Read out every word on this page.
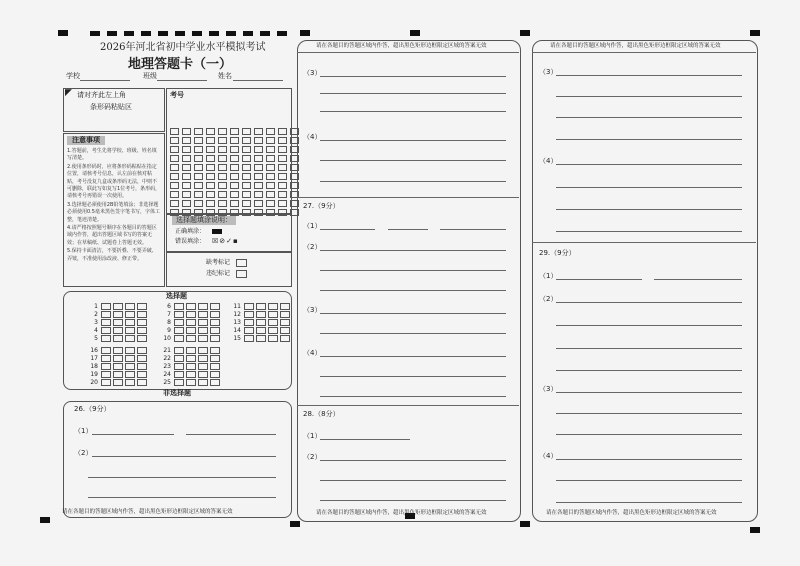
2026年河北省初中学业水平模拟考试
地理答题卡（一）
学校	班级	姓名
◤ 请对齐此左上角
条形码粘贴区
考号
注意事项
1.答题前，考生先将学校、班级、姓名填写清楚。
2.使用条形码时，应将条形码粘贴在指定位置，请核考号信息，认左前在核对粘贴，考号没复九盒或条形码无法，中则不可删除，联此写如复写1位考号，条形码，请核考号再错误一次使用。
3.选择题必须使用2B铅笔填涂；非选择题必须使用0.5毫米黑色签字笔书写，字体工整，笔迹清楚。
4.请严格按照题号顺序在各题目的答题区域内作答，超出答题区域书写的答案无效；在草稿纸、试题卷上答题无效。
5.保持卡面清洁，不要折叠、不要弄破、弄皱，不准使用涂改液、修正带。
选择题填涂说明：
正确填涂：
错误填涂： ☒⊘✓▪
缺考标记
违纪标记
选择题
1
2
3
4
5
6
7
8
9
10
11
12
13
14
15
16
17
18
19
20
21
22
23
24
25
非选择题
26.（9分）
（1）
（2）
请在各题目的答题区域内作答，超出黑色矩形边框限定区域的答案无效
请在各题目的答题区域内作答，超出黑色矩形边框限定区域的答案无效
（3）
（4）
27.（9分）
（1）
（2）
（3）
（4）
28.（8分）
（1）
（2）
请在各题目的答题区域内作答，超出黑色矩形边框限定区域的答案无效
请在各题目的答题区域内作答，超出黑色矩形边框限定区域的答案无效
（3）
（4）
29.（9分）
（1）
（2）
（3）
（4）
请在各题目的答题区域内作答，超出黑色矩形边框限定区域的答案无效
